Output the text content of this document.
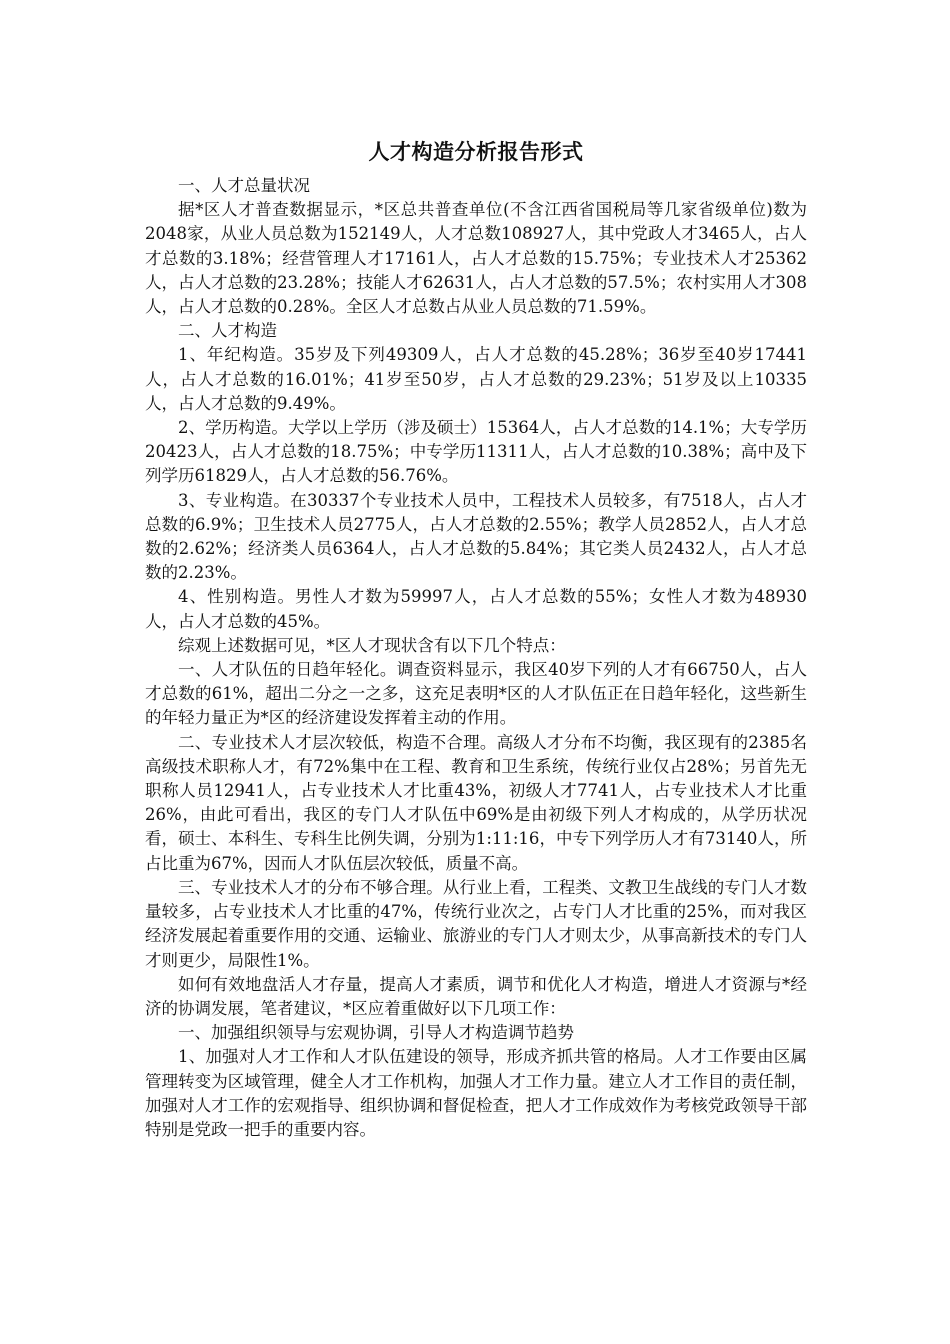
人才构造分析报告形式

一、人才总量状况

据*区人才普查数据显示，*区总共普查单位(不含江西省国税局等几家省级单位)数为2048家，从业人员总数为152149人，人才总数108927人，其中党政人才3465人，占人才总数的3.18%；经营管理人才17161人，占人才总数的15.75%；专业技术人才25362人，占人才总数的23.28%；技能人才62631人，占人才总数的57.5%；农村实用人才308人，占人才总数的0.28%。全区人才总数占从业人员总数的71.59%。

二、人才构造

1、年纪构造。35岁及下列49309人，占人才总数的45.28%；36岁至40岁17441人，占人才总数的16.01%；41岁至50岁，占人才总数的29.23%；51岁及以上10335人，占人才总数的9.49%。

2、学历构造。大学以上学历（涉及硕士）15364人，占人才总数的14.1%；大专学历20423人，占人才总数的18.75%；中专学历11311人，占人才总数的10.38%；高中及下列学历61829人，占人才总数的56.76%。

3、专业构造。在30337个专业技术人员中，工程技术人员较多，有7518人，占人才总数的6.9%；卫生技术人员2775人，占人才总数的2.55%；教学人员2852人，占人才总数的2.62%；经济类人员6364人，占人才总数的5.84%；其它类人员2432人，占人才总数的2.23%。

4、性别构造。男性人才数为59997人，占人才总数的55%；女性人才数为48930人，占人才总数的45%。

综观上述数据可见，*区人才现状含有以下几个特点：

一、人才队伍的日趋年轻化。调查资料显示，我区40岁下列的人才有66750人，占人才总数的61%，超出二分之一之多，这充足表明*区的人才队伍正在日趋年轻化，这些新生的年轻力量正为*区的经济建设发挥着主动的作用。

二、专业技术人才层次较低，构造不合理。高级人才分布不均衡，我区现有的2385名高级技术职称人才，有72%集中在工程、教育和卫生系统，传统行业仅占28%；另首先无职称人员12941人，占专业技术人才比重43%，初级人才7741人，占专业技术人才比重26%，由此可看出，我区的专门人才队伍中69%是由初级下列人才构成的，从学历状况看，硕士、本科生、专科生比例失调，分别为1:11:16，中专下列学历人才有73140人，所占比重为67%，因而人才队伍层次较低，质量不高。

三、专业技术人才的分布不够合理。从行业上看，工程类、文教卫生战线的专门人才数量较多，占专业技术人才比重的47%，传统行业次之，占专门人才比重的25%，而对我区经济发展起着重要作用的交通、运输业、旅游业的专门人才则太少，从事高新技术的专门人才则更少，局限性1%。

如何有效地盘活人才存量，提高人才素质，调节和优化人才构造，增进人才资源与*经济的协调发展，笔者建议，*区应着重做好以下几项工作：

一、加强组织领导与宏观协调，引导人才构造调节趋势

1、加强对人才工作和人才队伍建设的领导，形成齐抓共管的格局。人才工作要由区属管理转变为区域管理，健全人才工作机构，加强人才工作力量。建立人才工作目的责任制，加强对人才工作的宏观指导、组织协调和督促检查，把人才工作成效作为考核党政领导干部特别是党政一把手的重要内容。
